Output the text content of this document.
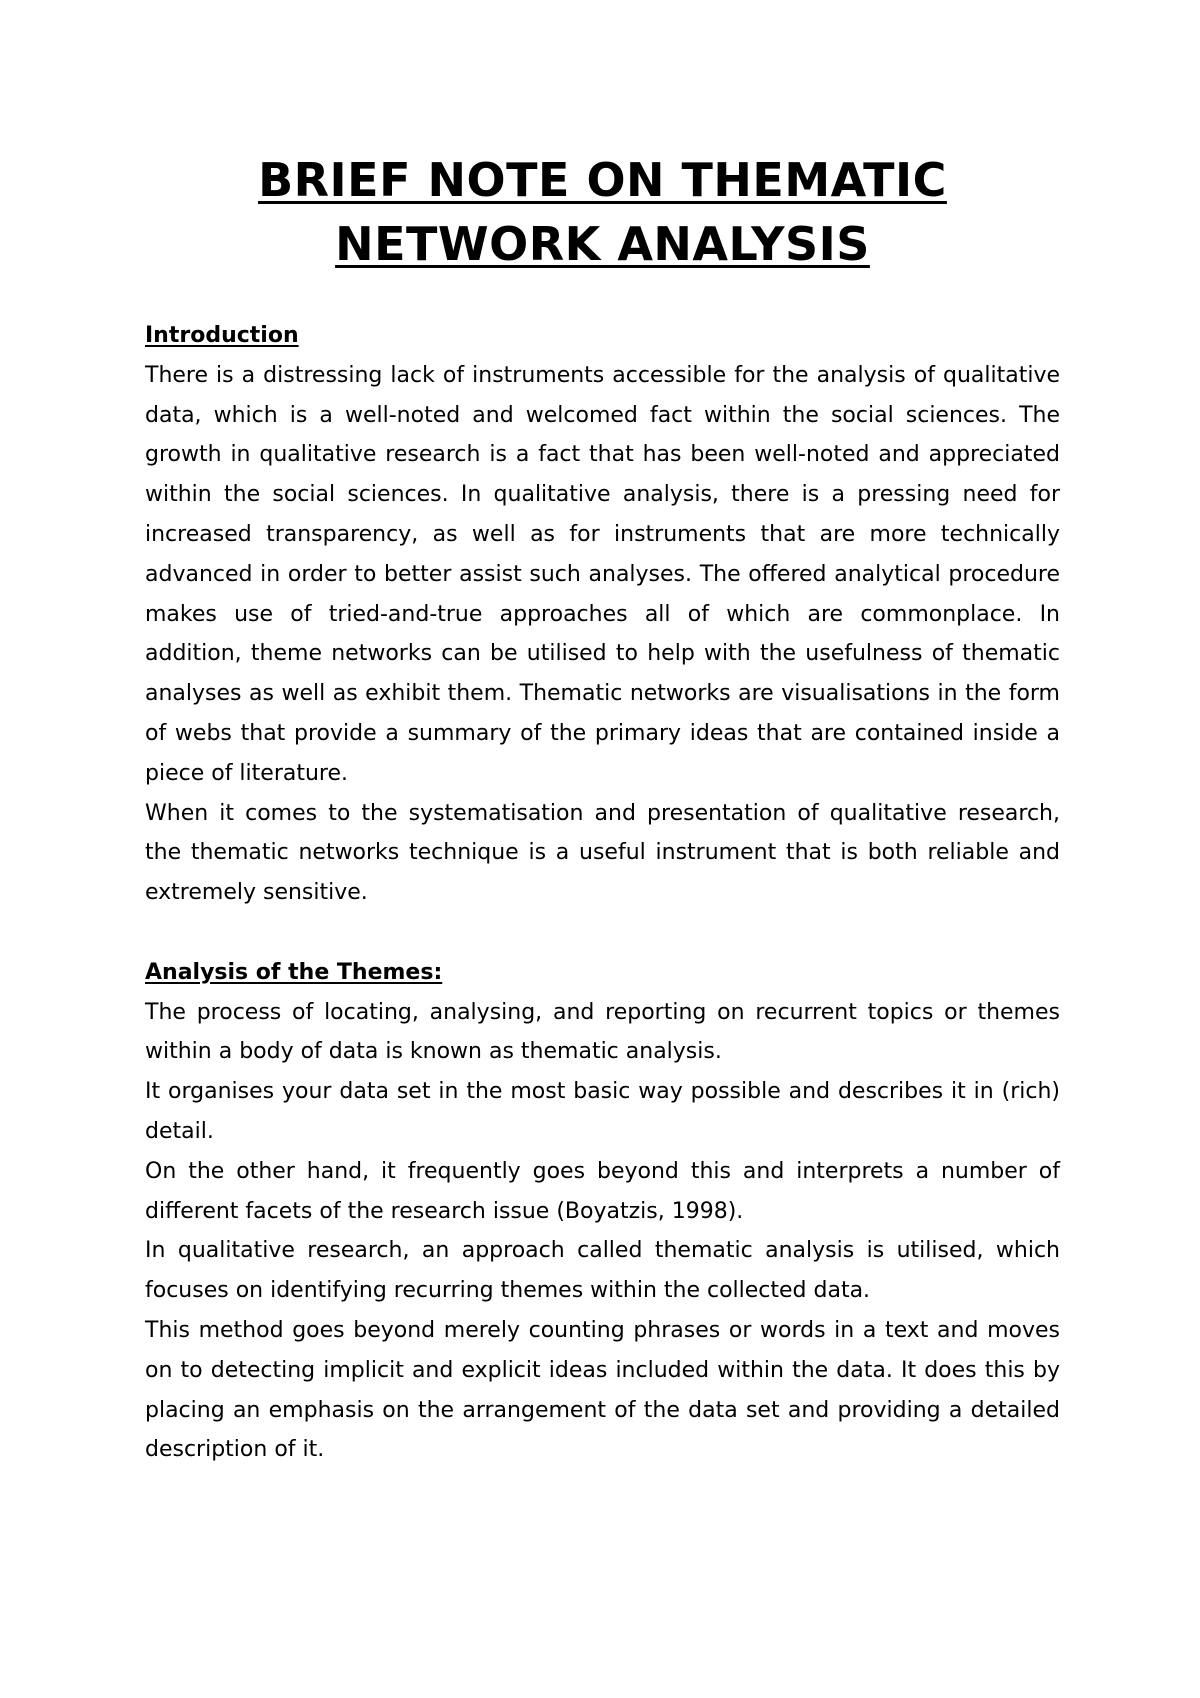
BRIEF NOTE ON THEMATIC NETWORK ANALYSIS

Introduction

There is a distressing lack of instruments accessible for the analysis of qualitative data, which is a well-noted and welcomed fact within the social sciences. The growth in qualitative research is a fact that has been well-noted and appreciated within the social sciences. In qualitative analysis, there is a pressing need for increased transparency, as well as for instruments that are more technically advanced in order to better assist such analyses. The offered analytical procedure makes use of tried-and-true approaches all of which are commonplace. In addition, theme networks can be utilised to help with the usefulness of thematic analyses as well as exhibit them. Thematic networks are visualisations in the form of webs that provide a summary of the primary ideas that are contained inside a piece of literature.

When it comes to the systematisation and presentation of qualitative research, the thematic networks technique is a useful instrument that is both reliable and extremely sensitive.

Analysis of the Themes:

The process of locating, analysing, and reporting on recurrent topics or themes within a body of data is known as thematic analysis.

It organises your data set in the most basic way possible and describes it in (rich) detail.

On the other hand, it frequently goes beyond this and interprets a number of different facets of the research issue (Boyatzis, 1998).

In qualitative research, an approach called thematic analysis is utilised, which focuses on identifying recurring themes within the collected data.

This method goes beyond merely counting phrases or words in a text and moves on to detecting implicit and explicit ideas included within the data. It does this by placing an emphasis on the arrangement of the data set and providing a detailed description of it.
